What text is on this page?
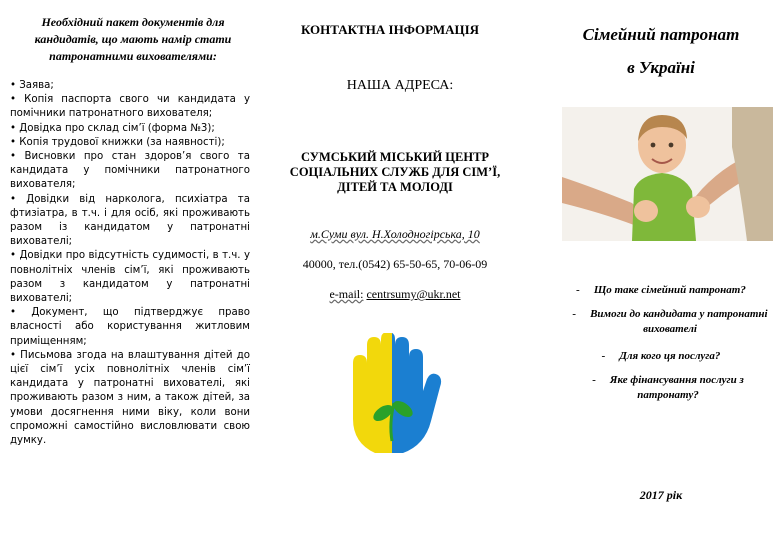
Необхідний пакет документів для кандидатів, що мають намір стати патронатними вихователями:
• Заява;
• Копія паспорта свого чи кандидата у помічники патронатного вихователя;
• Довідка про склад сім’ї (форма №3);
• Копія трудової книжки (за наявності);
• Висновки про стан здоров’я свого та кандидата у помічники патронатного вихователя;
• Довідки від нарколога, психіатра та фтизіатра, в т.ч. і для осіб, які проживають разом із кандидатом у патронатні вихователі;
• Довідки про відсутність судимості, в т.ч. у повнолітніх членів сім’ї, які проживають разом з кандидатом у патронатні вихователі;
• Документ, що підтверджує право власності або користування житловим приміщенням;
• Письмова згода на влаштування дітей до цієї сім’ї усіх повнолітніх членів сім’ї кандидата у патронатні вихователі, які проживають разом з ним, а також дітей, за умови досягнення ними віку, коли вони спроможні самостійно висловлювати свою думку.
КОНТАКТНА ІНФОРМАЦІЯ
НАША АДРЕСА:
СУМСЬКИЙ МІСЬКИЙ ЦЕНТР СОЦІАЛЬНИХ СЛУЖБ ДЛЯ СІМ’Ї, ДІТЕЙ ТА МОЛОДІ
м.Суми вул. Н.Холодногірська, 10
40000, тел.(0542) 65-50-65, 70-06-09
e-mail: centrsumy@ukr.net
Сімейний патронат
в Україні
- Що таке сімейний патронат?
- Вимоги до кандидата у патронатні вихователі
- Для кого ця послуга?
- Яке фінансування послуги з патронату?
2017 рік
